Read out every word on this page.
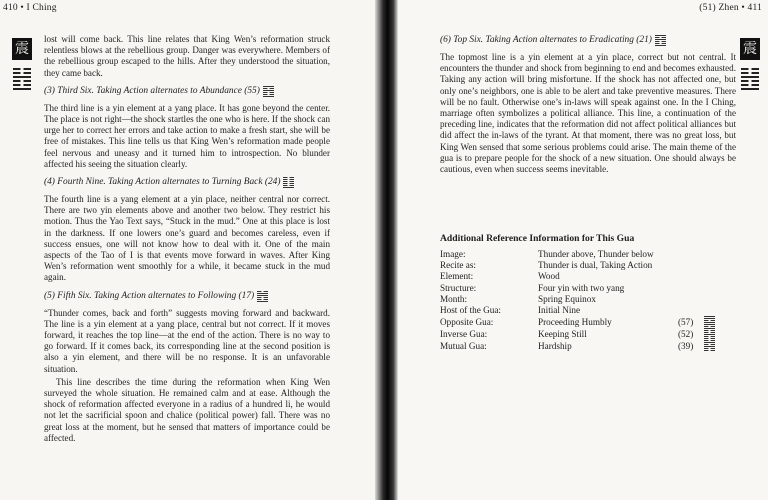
410 • I Ching
震

lost will come back. This line relates that King Wen’s reformation struck relentless blows at the rebellious group. Danger was everywhere. Members of the rebellious group escaped to the hills. After they understood the situation, they came back.

(3) Third Six. Taking Action alternates to Abundance (55)

The third line is a yin element at a yang place. It has gone beyond the center. The place is not right—the shock startles the one who is here. If the shock can urge her to correct her errors and take action to make a fresh start, she will be free of mistakes. This line tells us that King Wen’s reformation made people feel nervous and uneasy and it turned him to introspection. No blunder affected his seeing the situation clearly.

(4) Fourth Nine. Taking Action alternates to Turning Back (24)

The fourth line is a yang element at a yin place, neither central nor correct. There are two yin elements above and another two below. They restrict his motion. Thus the Yao Text says, “Stuck in the mud.” One at this place is lost in the darkness. If one lowers one’s guard and becomes careless, even if success ensues, one will not know how to deal with it. One of the main aspects of the Tao of I is that events move forward in waves. After King Wen’s reformation went smoothly for a while, it became stuck in the mud again.

(5) Fifth Six. Taking Action alternates to Following (17)

“Thunder comes, back and forth” suggests moving forward and backward. The line is a yin element at a yang place, central but not correct. If it moves forward, it reaches the top line—at the end of the action. There is no way to go forward. If it comes back, its corresponding line at the second position is also a yin element, and there will be no response. It is an unfavorable situation.

This line describes the time during the reformation when King Wen surveyed the whole situation. He remained calm and at ease. Although the shock of reformation affected everyone in a radius of a hundred li, he would not let the sacrificial spoon and chalice (political power) fall. There was no great loss at the moment, but he sensed that matters of importance could be affected.

(51) Zhen • 411
震
(6) Top Six. Taking Action alternates to Eradicating (21)

The topmost line is a yin element at a yin place, correct but not central. It encounters the thunder and shock from beginning to end and becomes exhausted. Taking any action will bring misfortune. If the shock has not affected one, but only one’s neighbors, one is able to be alert and take preventive measures. There will be no fault. Otherwise one’s in-laws will speak against one. In the I Ching, marriage often symbolizes a political alliance. This line, a continuation of the preceding line, indicates that the reformation did not affect political alliances but did affect the in-laws of the tyrant. At that moment, there was no great loss, but King Wen sensed that some serious problems could arise. The main theme of the gua is to prepare people for the shock of a new situation. One should always be cautious, even when success seems inevitable.

Additional Reference Information for This Gua
Image:	Thunder above, Thunder below		
Recite as:	Thunder is dual, Taking Action		
Element:	Wood		
Structure:	Four yin with two yang		
Month:	Spring Equinox		
Host of the Gua:	Initial Nine		
Opposite Gua:	Proceeding Humbly	(57)	

Inverse Gua:	Keeping Still	(52)	

Mutual Gua:	Hardship	(39)	
